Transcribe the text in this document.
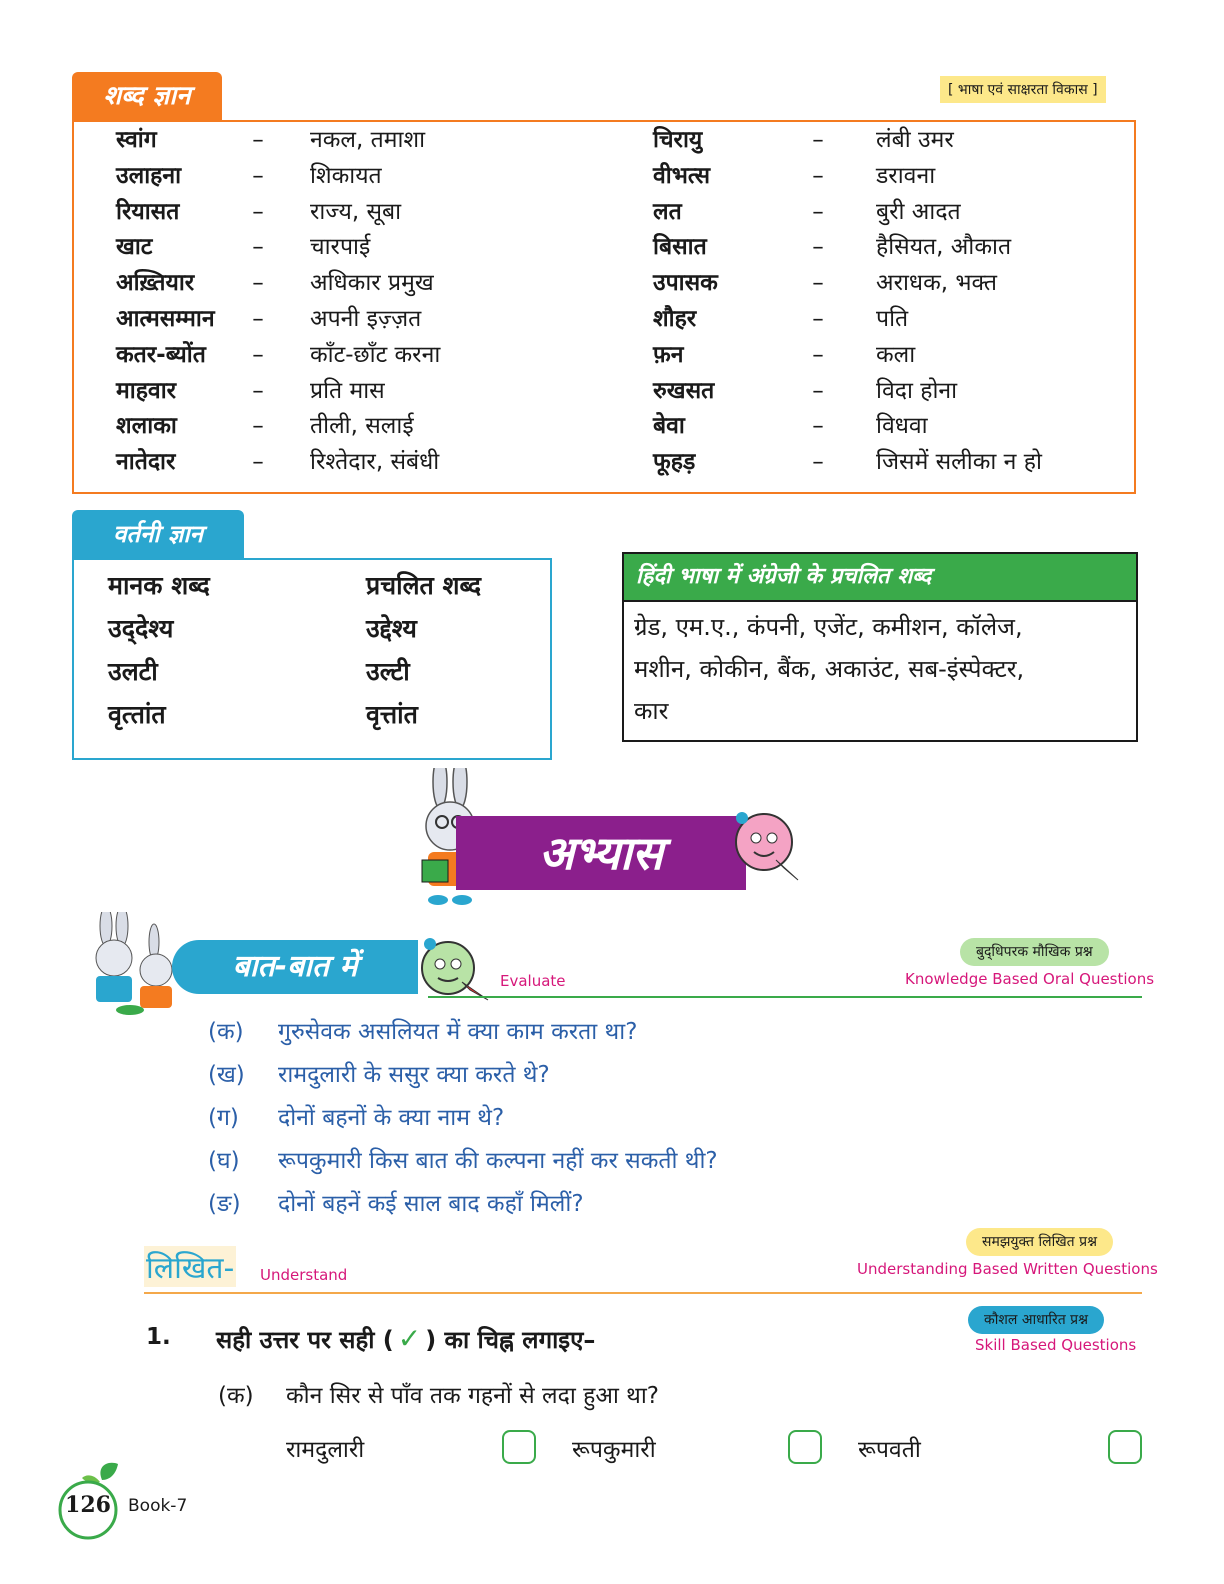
शब्द ज्ञान	[ भाषा एवं साक्षरता विकास ]
स्वांग	– नकल, तमाशा
उलाहना	– शिकायत
रियासत	– राज्य, सूबा
खाट	– चारपाई
अख़्तियार	– अधिकार प्रमुख
आत्मसम्मान	– अपनी इज़्ज़त
कतर-ब्योंत	– काँट-छाँट करना
माहवार	– प्रति मास
शलाका	– तीली, सलाई
नातेदार	– रिश्तेदार, संबंधी
चिरायु	– लंबी उमर
वीभत्स	– डरावना
लत	– बुरी आदत
बिसात	– हैसियत, औकात
उपासक	– अराधक, भक्त
शौहर	– पति
फ़न	– कला
रुखसत	– विदा होना
बेवा	– विधवा
फूहड़	– जिसमें सलीका न हो
वर्तनी ज्ञान
मानक शब्द	प्रचलित शब्द
उद्‌देश्य	उद्देश्य
उलटी	उल्टी
वृत्‍तांत	वृत्तांत
हिंदी भाषा में अंग्रेजी के प्रचलित शब्द
ग्रेड, एम.ए., कंपनी, एजेंट, कमीशन, कॉलेज,
मशीन, कोकीन, बैंक, अकाउंट, सब-इंस्पेक्टर,
कार
अभ्यास
बात-बात में	Evaluate
बुद्‌धिपरक मौखिक प्रश्न
Knowledge Based Oral Questions
(क) गुरुसेवक असलियत में क्या काम करता था?
(ख) रामदुलारी के ससुर क्या करते थे?
(ग) दोनों बहनों के क्या नाम थे?
(घ) रूपकुमारी किस बात की कल्पना नहीं कर सकती थी?
(ङ) दोनों बहनें कई साल बाद कहाँ मिलीं?
लिखित- Understand
समझयुक्त लिखित प्रश्न
Understanding Based Written Questions
कौशल आधारित प्रश्न
Skill Based Questions
1. सही उत्तर पर सही ( ✓ ) का चिह्न लगाइए–
(क) कौन सिर से पाँव तक गहनों से लदा हुआ था?
रामदुलारी	रूपकुमारी	रूपवती
126	Book-7
